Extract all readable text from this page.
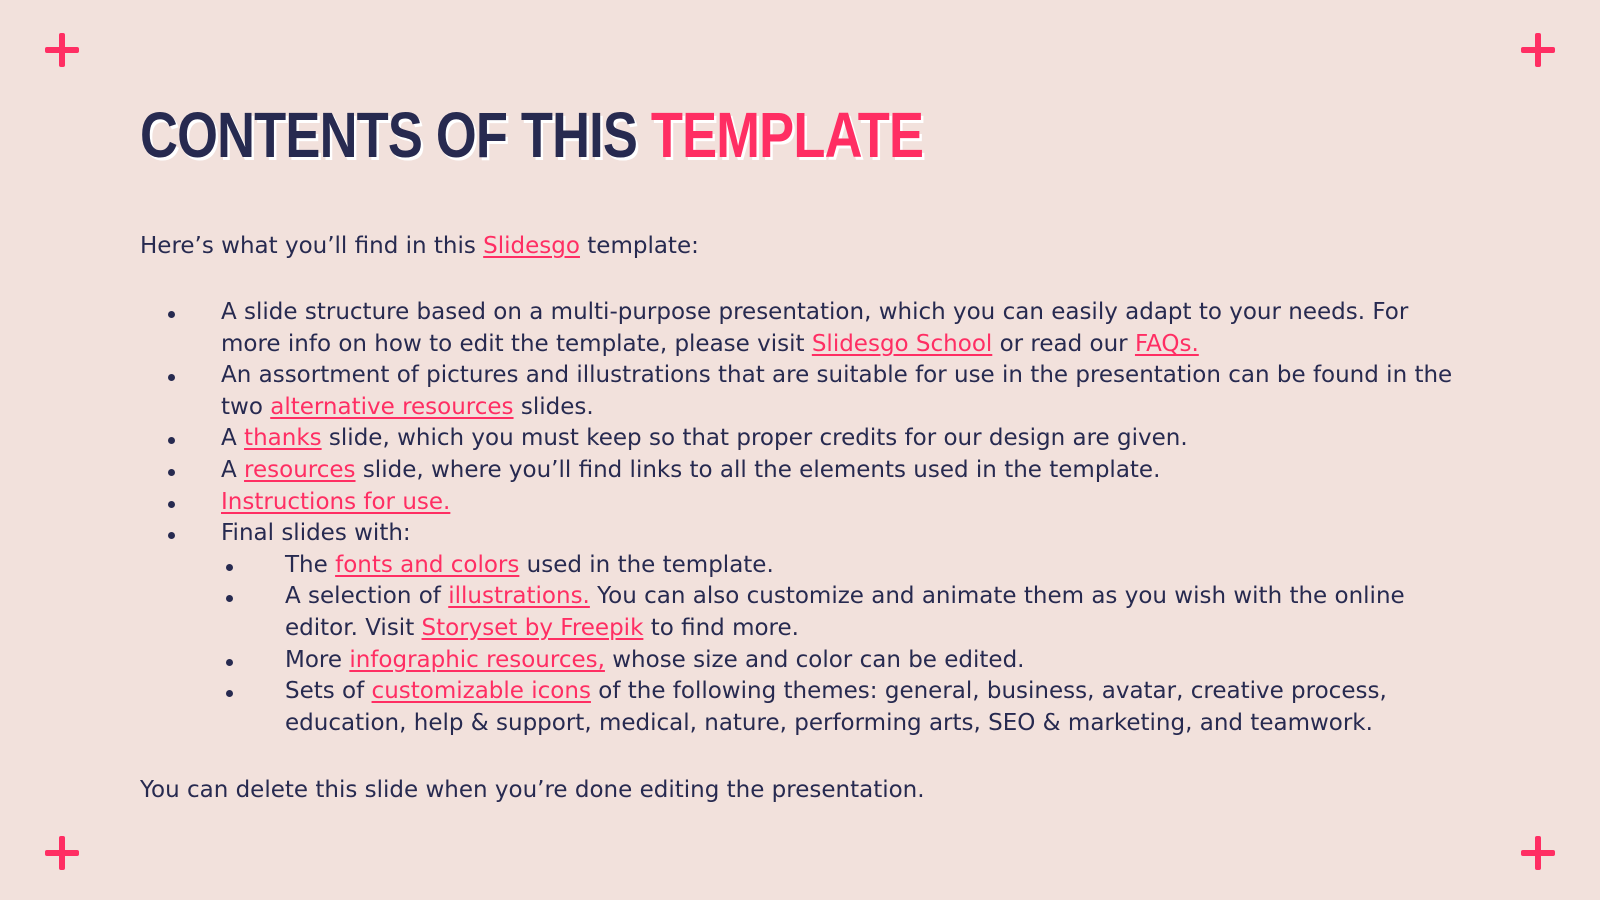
CONTENTS OF THIS TEMPLATE
Here’s what you’ll find in this Slidesgo template:
A slide structure based on a multi-purpose presentation, which you can easily adapt to your needs. For more info on how to edit the template, please visit Slidesgo School or read our FAQs.
An assortment of pictures and illustrations that are suitable for use in the presentation can be found in the two alternative resources slides.
A thanks slide, which you must keep so that proper credits for our design are given.
A resources slide, where you’ll find links to all the elements used in the template.
Instructions for use.
Final slides with:
The fonts and colors used in the template.
A selection of illustrations. You can also customize and animate them as you wish with the online editor. Visit Storyset by Freepik to find more.
More infographic resources, whose size and color can be edited.
Sets of customizable icons of the following themes: general, business, avatar, creative process, education, help & support, medical, nature, performing arts, SEO & marketing, and teamwork.
You can delete this slide when you’re done editing the presentation.
